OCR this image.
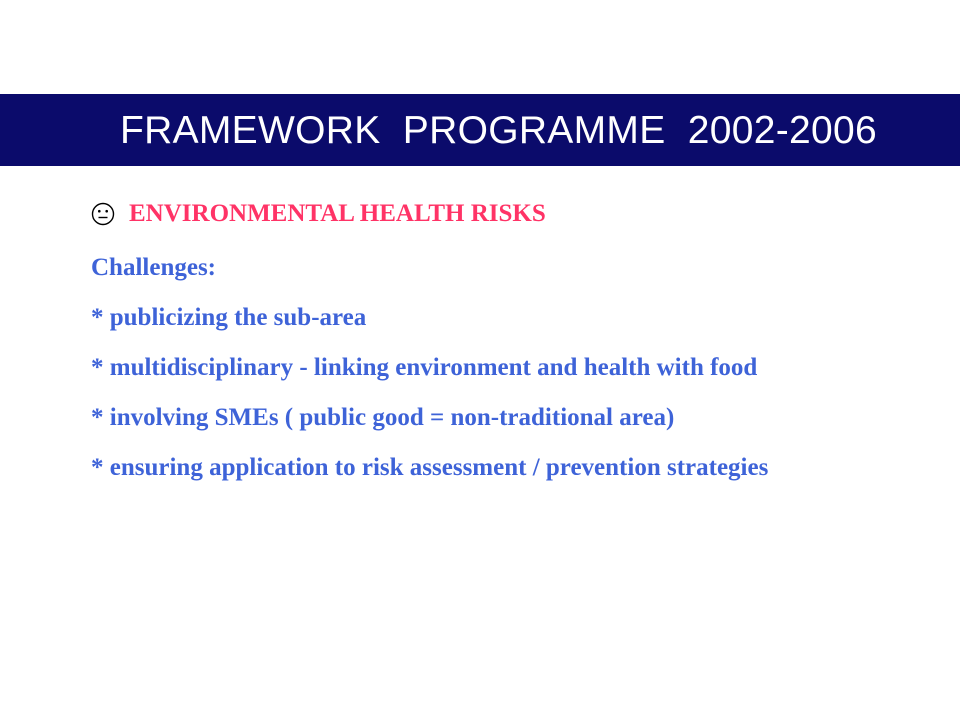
FRAMEWORK  PROGRAMME  2002-2006
ENVIRONMENTAL HEALTH RISKS
Challenges:
* publicizing the sub-area
* multidisciplinary - linking environment and health with food
* involving SMEs ( public good = non-traditional area)
* ensuring application to risk assessment / prevention strategies
